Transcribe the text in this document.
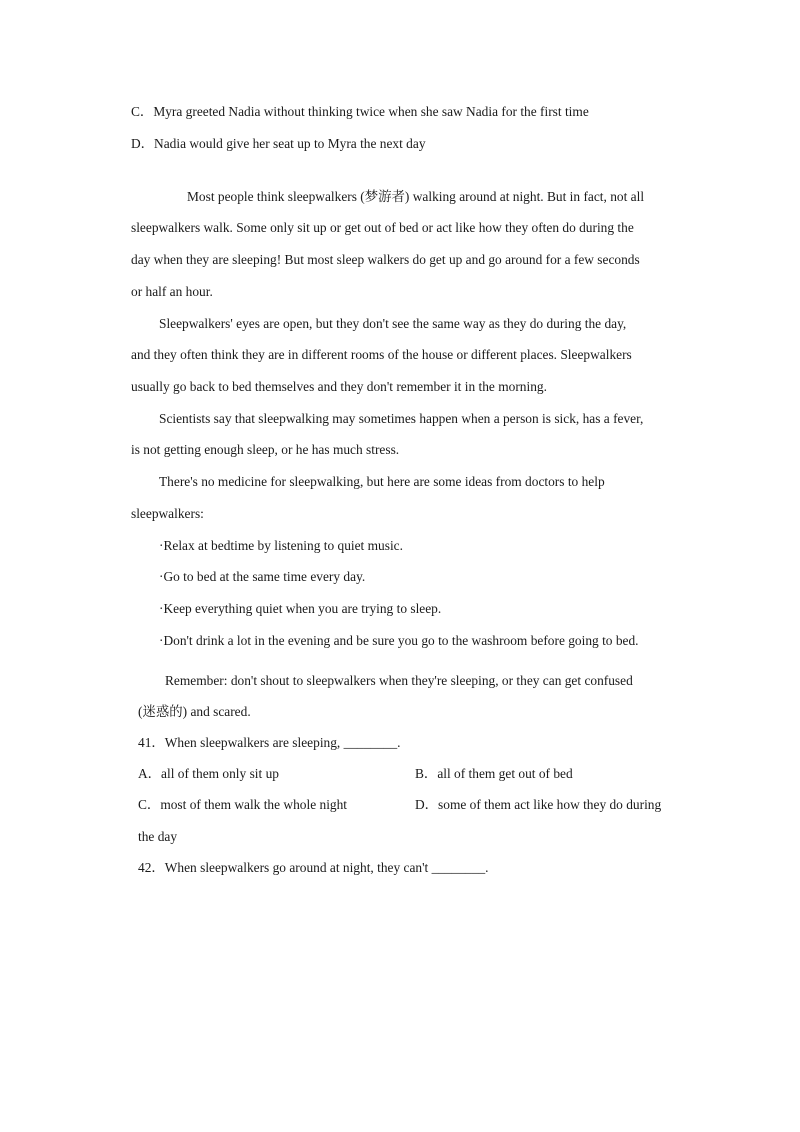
C．Myra greeted Nadia without thinking twice when she saw Nadia for the first time
D．Nadia would give her seat up to Myra the next day
Most people think sleepwalkers (梦游者) walking around at night. But in fact, not all
sleepwalkers walk. Some only sit up or get out of bed or act like how they often do during the
day when they are sleeping! But most sleep walkers do get up and go around for a few seconds
or half an hour.
Sleepwalkers' eyes are open, but they don't see the same way as they do during the day,
and they often think they are in different rooms of the house or different places. Sleepwalkers
usually go back to bed themselves and they don't remember it in the morning.
Scientists say that sleepwalking may sometimes happen when a person is sick, has a fever,
is not getting enough sleep, or he has much stress.
There's no medicine for sleepwalking, but here are some ideas from doctors to help
sleepwalkers:
·Relax at bedtime by listening to quiet music.
·Go to bed at the same time every day.
·Keep everything quiet when you are trying to sleep.
·Don't drink a lot in the evening and be sure you go to the washroom before going to bed.
Remember: don't shout to sleepwalkers when they're sleeping, or they can get confused
(迷惑的) and scared.
41．When sleepwalkers are sleeping, ________.
A．all of them only sit up	B．all of them get out of bed
C．most of them walk the whole night	D．some of them act like how they do during
the day
42．When sleepwalkers go around at night, they can't ________.
